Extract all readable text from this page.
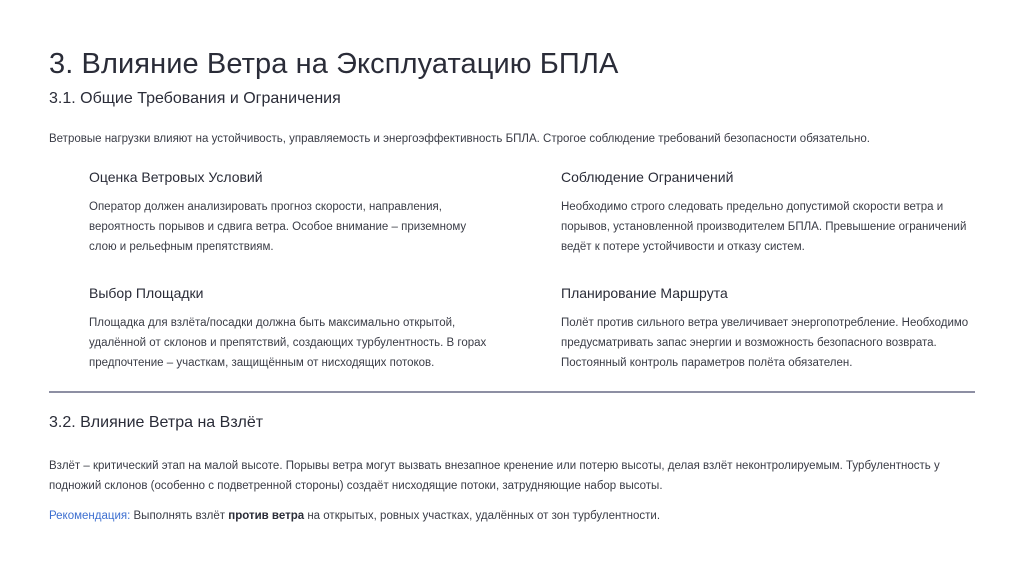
3. Влияние Ветра на Эксплуатацию БПЛА
3.1. Общие Требования и Ограничения

Ветровые нагрузки влияют на устойчивость, управляемость и энергоэффективность БПЛА. Строгое соблюдение требований безопасности обязательно.

Оценка Ветровых Условий

Оператор должен анализировать прогноз скорости, направления, вероятность порывов и сдвига ветра. Особое внимание – приземному слою и рельефным препятствиям.

Соблюдение Ограничений

Необходимо строго следовать предельно допустимой скорости ветра и порывов, установленной производителем БПЛА. Превышение ограничений ведёт к потере устойчивости и отказу систем.

Выбор Площадки

Площадка для взлёта/посадки должна быть максимально открытой, удалённой от склонов и препятствий, создающих турбулентность. В горах предпочтение – участкам, защищённым от нисходящих потоков.

Планирование Маршрута

Полёт против сильного ветра увеличивает энергопотребление. Необходимо предусматривать запас энергии и возможность безопасного возврата. Постоянный контроль параметров полёта обязателен.

3.2. Влияние Ветра на Взлёт

Взлёт – критический этап на малой высоте. Порывы ветра могут вызвать внезапное кренение или потерю высоты, делая взлёт неконтролируемым. Турбулентность у подножий склонов (особенно с подветренной стороны) создаёт нисходящие потоки, затрудняющие набор высоты.

Рекомендация: Выполнять взлёт против ветра на открытых, ровных участках, удалённых от зон турбулентности.
